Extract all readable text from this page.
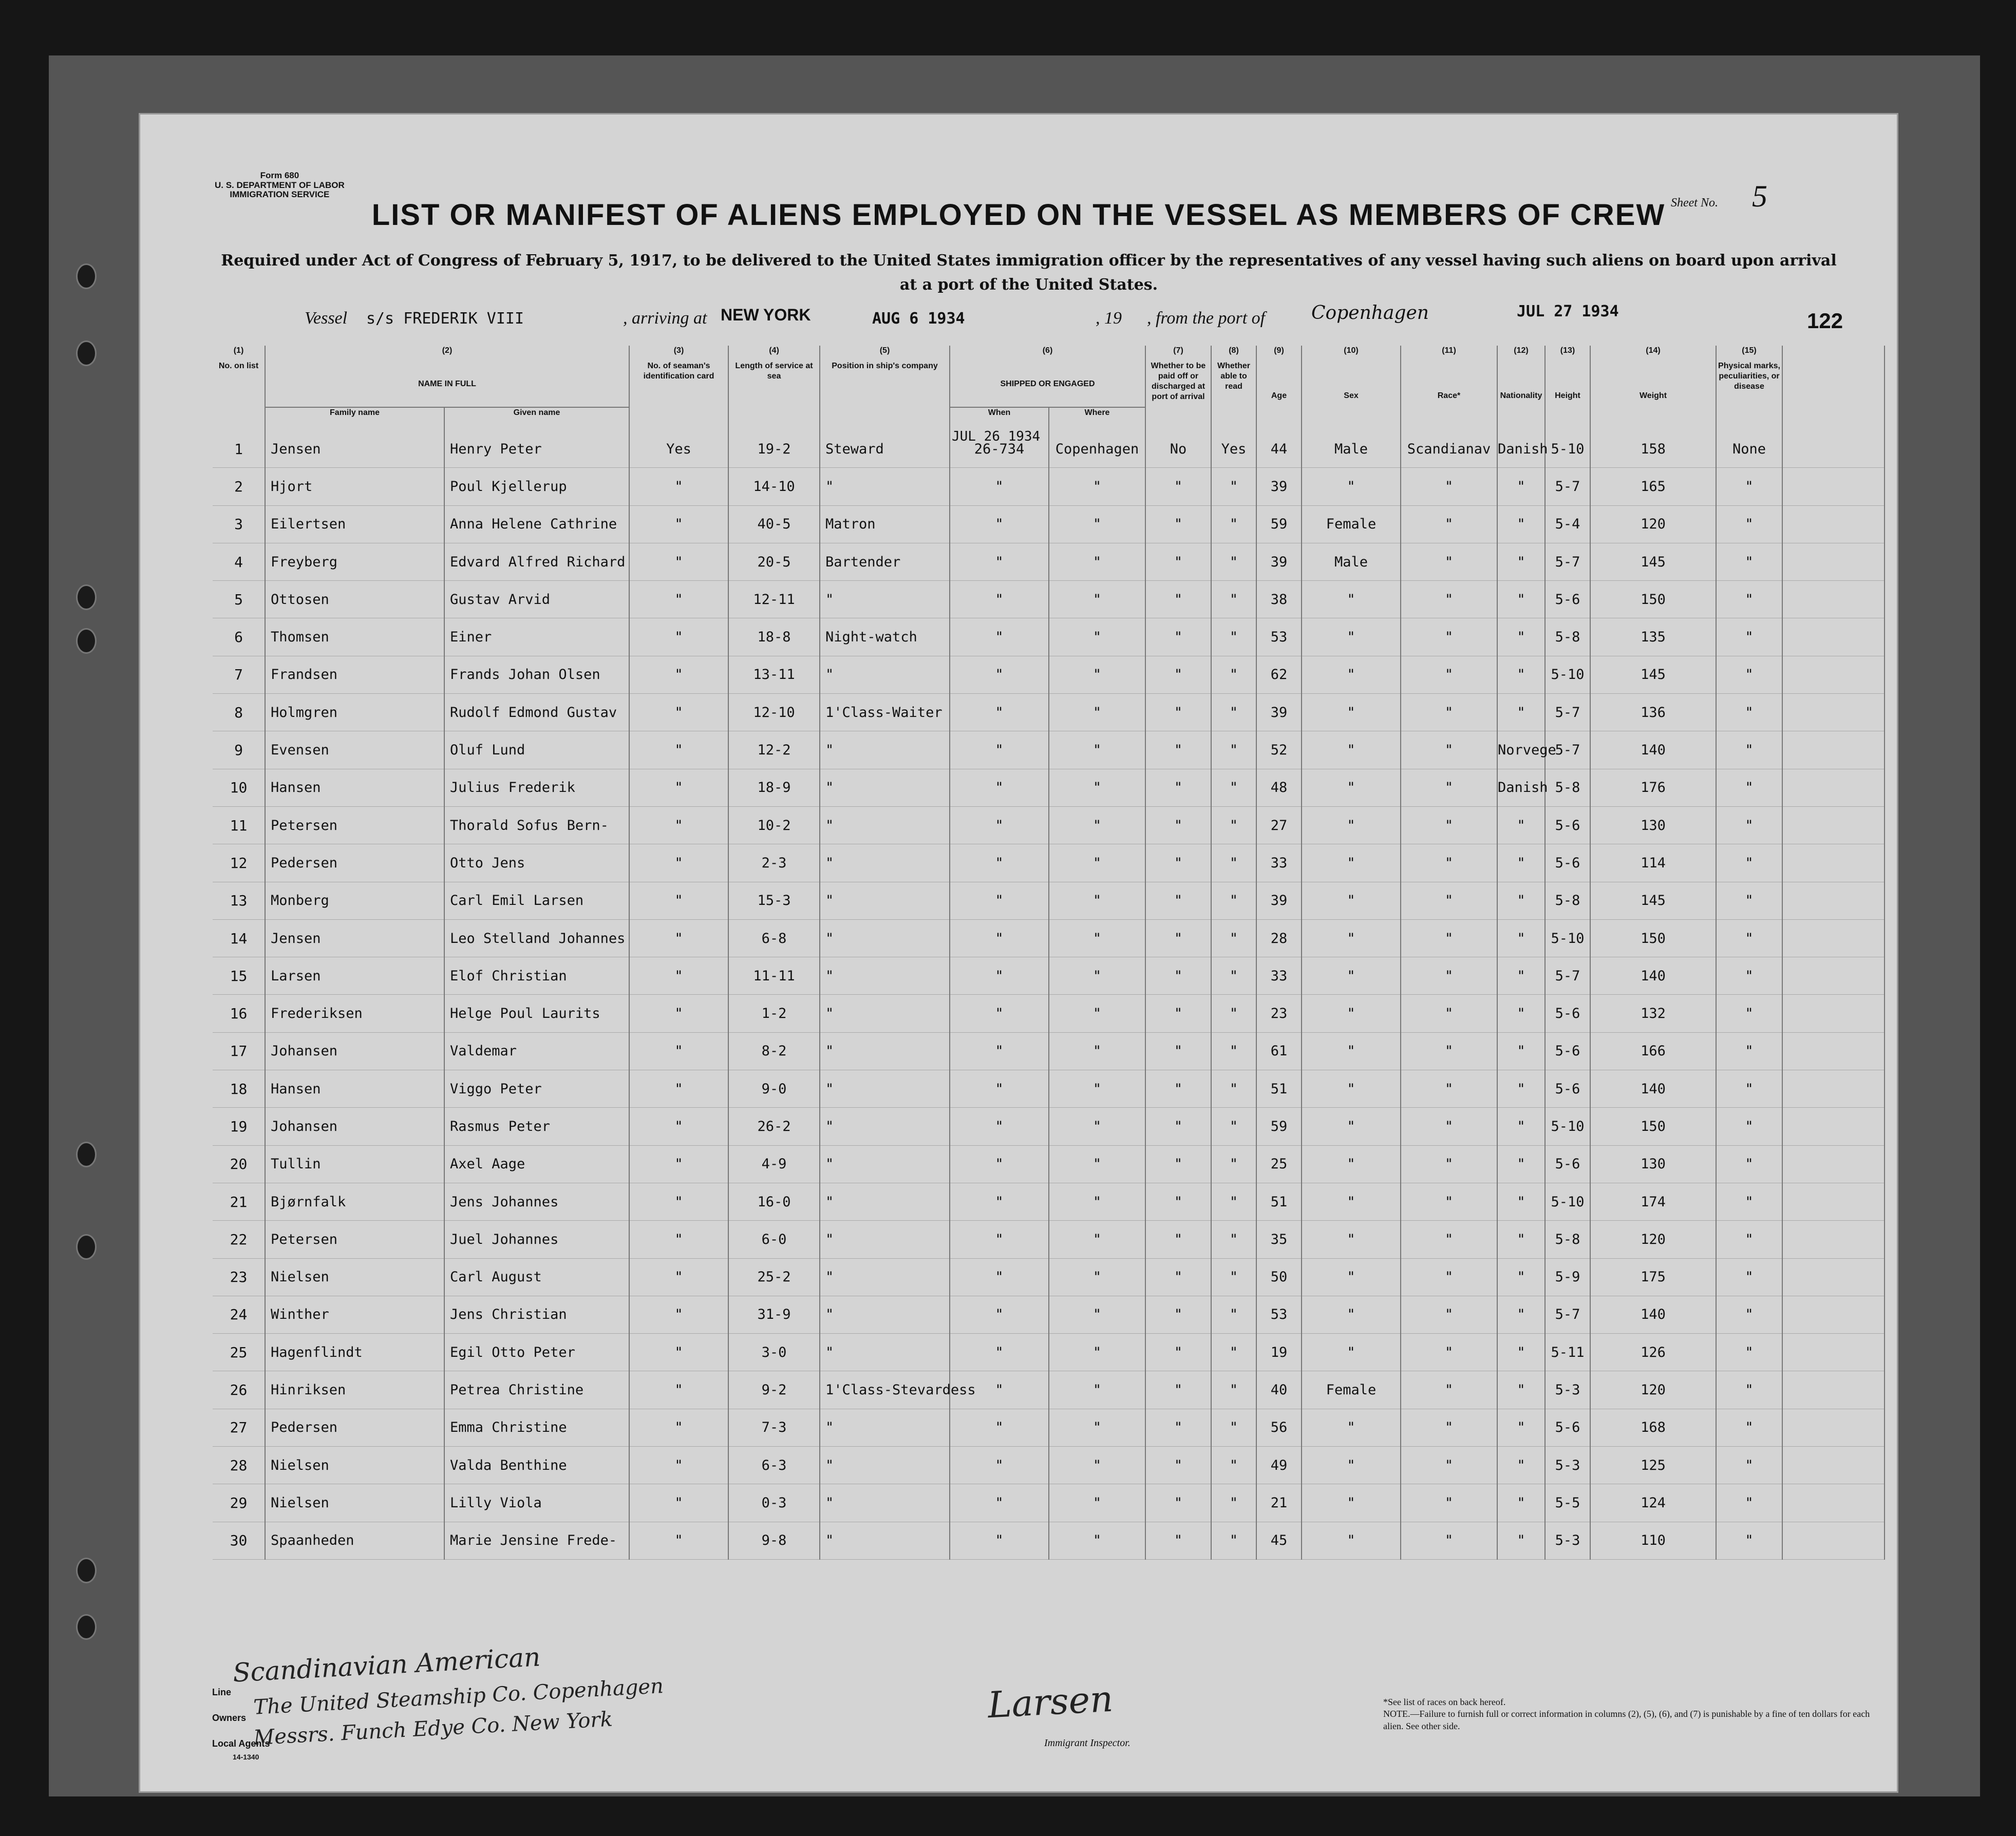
Form 680
U. S. DEPARTMENT OF LABOR
IMMIGRATION SERVICE
Sheet No. 5
LIST OR MANIFEST OF ALIENS EMPLOYED ON THE VESSEL AS MEMBERS OF CREW
Required under Act of Congress of February 5, 1917, to be delivered to the United States immigration officer by the representatives of any vessel having such aliens on board upon arrival at a port of the United States.
Vessel s/s FREDERIK VIII	, arriving at NEW YORK	AUG 6 1934	, 19 , from the port of Copenhagen	JUL 27 1934	122
(1)	(2)		(3)	(4)	(5)	(6)		(7)	(8)	(9)	(10)	(11)	(12)	(13)	(14)	(15)	
No. on list	NAME IN FULL		No. of seaman's identification card	Length of service at sea	Position in ship's company	SHIPPED OR ENGAGED		Whether to be paid off or discharged at port of arrival	Whether able to read	Age	Sex	Race*	Nationality	Height	Weight	Physical marks, peculiarities, or disease	
	Family name	Given name				When	Where										
1	Jensen	Henry Peter	Yes	19-2	Steward	26-734	Copenhagen	No	Yes	44	Male	Scandianav	Danish	5-10	158	None	
2	Hjort	Poul Kjellerup	"	14-10	"	"	"	"	"	39	"	"	"	5-7	165	"	
3	Eilertsen	Anna Helene Cathrine	"	40-5	Matron	"	"	"	"	59	Female	"	"	5-4	120	"	
4	Freyberg	Edvard Alfred Richard	"	20-5	Bartender	"	"	"	"	39	Male	"	"	5-7	145	"	
5	Ottosen	Gustav Arvid	"	12-11	"	"	"	"	"	38	"	"	"	5-6	150	"	
6	Thomsen	Einer	"	18-8	Night-watch	"	"	"	"	53	"	"	"	5-8	135	"	
7	Frandsen	Frands Johan Olsen	"	13-11	"	"	"	"	"	62	"	"	"	5-10	145	"	
8	Holmgren	Rudolf Edmond Gustav	"	12-10	1'Class-Waiter	"	"	"	"	39	"	"	"	5-7	136	"	
9	Evensen	Oluf Lund	"	12-2	"	"	"	"	"	52	"	"	Norvege	5-7	140	"	
10	Hansen	Julius Frederik	"	18-9	"	"	"	"	"	48	"	"	Danish	5-8	176	"	
11	Petersen	Thorald Sofus Bern-	"	10-2	"	"	"	"	"	27	"	"	"	5-6	130	"	
12	Pedersen	Otto Jens	"	2-3	"	"	"	"	"	33	"	"	"	5-6	114	"	
13	Monberg	Carl Emil Larsen	"	15-3	"	"	"	"	"	39	"	"	"	5-8	145	"	
14	Jensen	Leo Stelland Johannes	"	6-8	"	"	"	"	"	28	"	"	"	5-10	150	"	
15	Larsen	Elof Christian	"	11-11	"	"	"	"	"	33	"	"	"	5-7	140	"	
16	Frederiksen	Helge Poul Laurits	"	1-2	"	"	"	"	"	23	"	"	"	5-6	132	"	
17	Johansen	Valdemar	"	8-2	"	"	"	"	"	61	"	"	"	5-6	166	"	
18	Hansen	Viggo Peter	"	9-0	"	"	"	"	"	51	"	"	"	5-6	140	"	
19	Johansen	Rasmus Peter	"	26-2	"	"	"	"	"	59	"	"	"	5-10	150	"	
20	Tullin	Axel Aage	"	4-9	"	"	"	"	"	25	"	"	"	5-6	130	"	
21	Bjørnfalk	Jens Johannes	"	16-0	"	"	"	"	"	51	"	"	"	5-10	174	"	
22	Petersen	Juel Johannes	"	6-0	"	"	"	"	"	35	"	"	"	5-8	120	"	
23	Nielsen	Carl August	"	25-2	"	"	"	"	"	50	"	"	"	5-9	175	"	
24	Winther	Jens Christian	"	31-9	"	"	"	"	"	53	"	"	"	5-7	140	"	
25	Hagenflindt	Egil Otto Peter	"	3-0	"	"	"	"	"	19	"	"	"	5-11	126	"	
26	Hinriksen	Petrea Christine	"	9-2	1'Class-Stevardess	"	"	"	"	40	Female	"	"	5-3	120	"	
27	Pedersen	Emma Christine	"	7-3	"	"	"	"	"	56	"	"	"	5-6	168	"	
28	Nielsen	Valda Benthine	"	6-3	"	"	"	"	"	49	"	"	"	5-3	125	"	
29	Nielsen	Lilly Viola	"	0-3	"	"	"	"	"	21	"	"	"	5-5	124	"	
30	Spaanheden	Marie Jensine Frede-	"	9-8	"	"	"	"	"	45	"	"	"	5-3	110	"	
JUL 26 1934
Line
Scandinavian American
Owners The United Steamship Co. Copenhagen
Local Agents
Messrs. Funch Edye Co. New York
14-1340
Larsen
Immigrant Inspector.
*See list of races on back hereof.
NOTE.—Failure to furnish full or correct information in columns (2), (5), (6), and (7) is punishable by a fine of ten dollars for each alien. See other side.
